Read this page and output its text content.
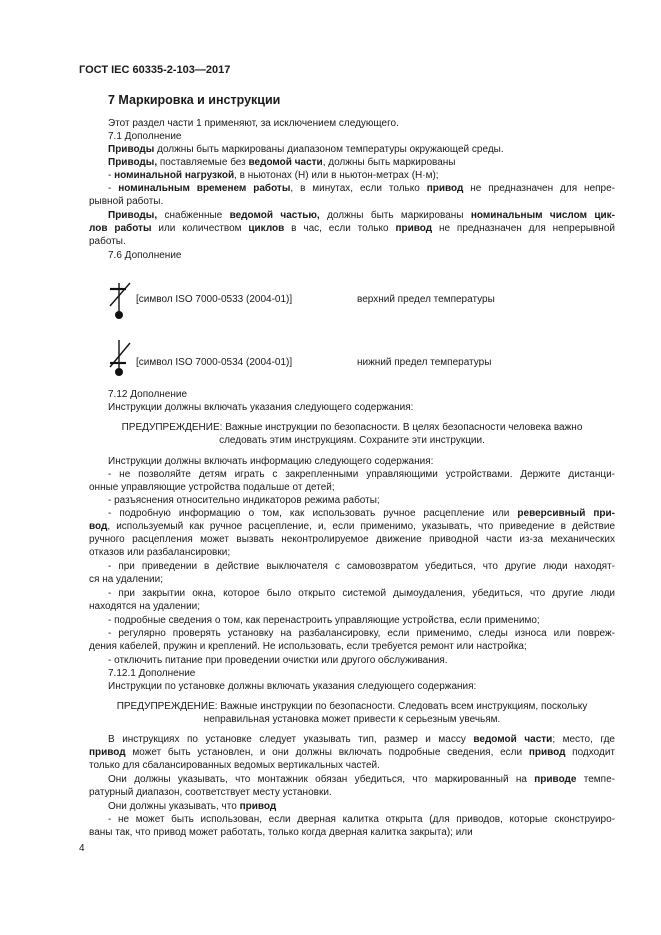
ГОСТ IEC 60335-2-103—2017
7 Маркировка и инструкции
Этот раздел части 1 применяют, за исключением следующего.
7.1 Дополнение
Приводы должны быть маркированы диапазоном температуры окружающей среды.
Приводы, поставляемые без ведомой части, должны быть маркированы
- номинальной нагрузкой, в ньютонах (Н) или в ньютон-метрах (Н·м);
- номинальным временем работы, в минутах, если только привод не предназначен для непре-
рывной работы.
Приводы, снабженные ведомой частью, должны быть маркированы номинальным числом цик-
лов работы или количеством циклов в час, если только привод не предназначен для непрерывной
работы.
7.6 Дополнение
[символ ISO 7000-0533 (2004-01)]	верхний предел температуры
[символ ISO 7000-0534 (2004-01)]	нижний предел температуры
7.12 Дополнение
Инструкции должны включать указания следующего содержания:
ПРЕДУПРЕЖДЕНИЕ: Важные инструкции по безопасности. В целях безопасности человека важно
следовать этим инструкциям. Сохраните эти инструкции.
Инструкции должны включать информацию следующего содержания:
- не позволяйте детям играть с закрепленными управляющими устройствами. Держите дистанци-
онные управляющие устройства подальше от детей;
- разъяснения относительно индикаторов режима работы;
- подробную информацию о том, как использовать ручное расцепление или реверсивный при-
вод, используемый как ручное расцепление, и, если применимо, указывать, что приведение в действие
ручного расцепления может вызвать неконтролируемое движение приводной части из-за механических
отказов или разбалансировки;
- при приведении в действие выключателя с самовозвратом убедиться, что другие люди находят-
ся на удалении;
- при закрытии окна, которое было открыто системой дымоудаления, убедиться, что другие люди
находятся на удалении;
- подробные сведения о том, как перенастроить управляющие устройства, если применимо;
- регулярно проверять установку на разбалансировку, если применимо, следы износа или повреж-
дения кабелей, пружин и креплений. Не использовать, если требуется ремонт или настройка;
- отключить питание при проведении очистки или другого обслуживания.
7.12.1 Дополнение
Инструкции по установке должны включать указания следующего содержания:
ПРЕДУПРЕЖДЕНИЕ: Важные инструкции по безопасности. Следовать всем инструкциям, поскольку
неправильная установка может привести к серьезным увечьям.
В инструкциях по установке следует указывать тип, размер и массу ведомой части; место, где
привод может быть установлен, и они должны включать подробные сведения, если привод подходит
только для сбалансированных ведомых вертикальных частей.
Они должны указывать, что монтажник обязан убедиться, что маркированный на приводе темпе-
ратурный диапазон, соответствует месту установки.
Они должны указывать, что привод
- не может быть использован, если дверная калитка открыта (для приводов, которые сконструиро-
ваны так, что привод может работать, только когда дверная калитка закрыта); или
4
